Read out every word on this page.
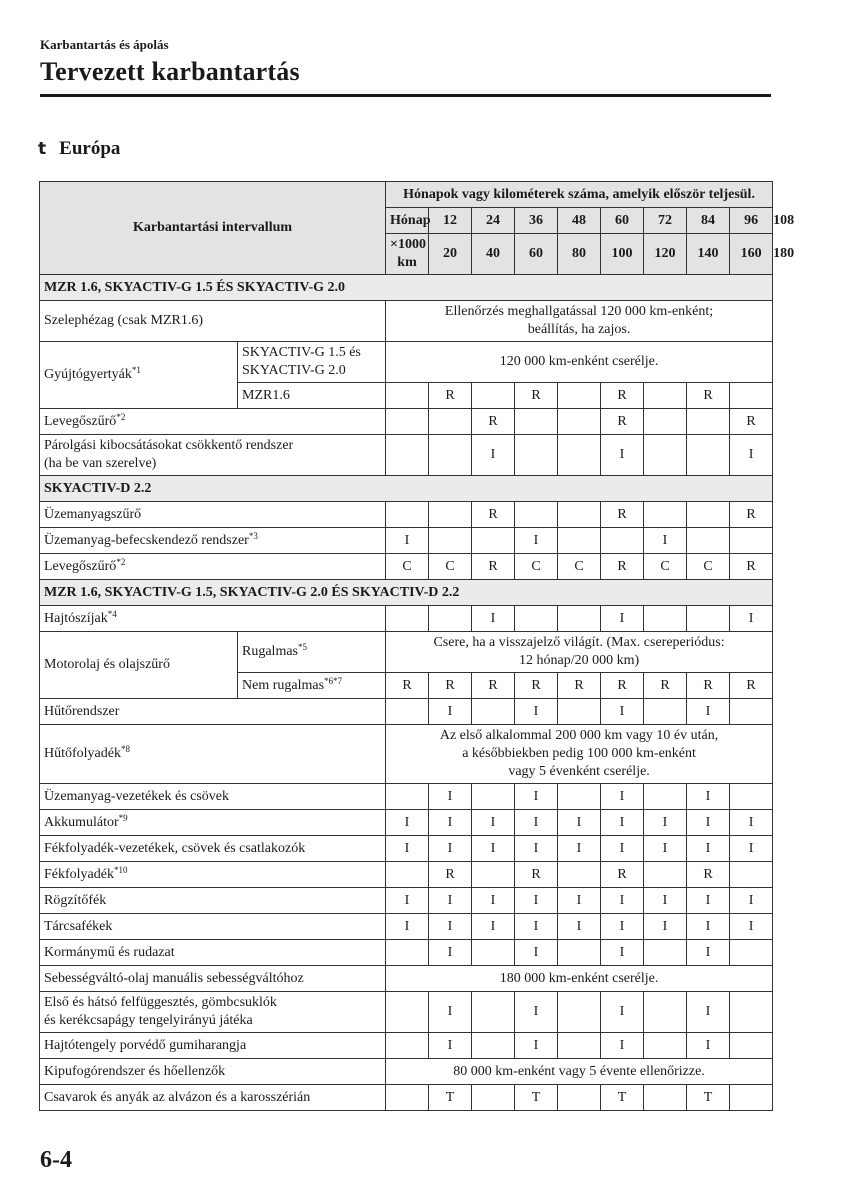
Karbantartás és ápolás
Tervezett karbantartás
t Európa
Karbantartási intervallum		Hónapok vagy kilométerek száma, amelyik először teljesül.									
		Hónap	12	24	36	48	60	72	84	96	108
		×1000 km	20	40	60	80	100	120	140	160	180
MZR 1.6, SKYACTIV-G 1.5 ÉS SKYACTIV-G 2.0											
Szelephézag (csak MZR1.6)		Ellenőrzés meghallgatással 120 000 km-enként;
beállítás, ha zajos.									
Gyújtógyertyák$^{*1}$	SKYACTIV-G 1.5 és
SKYACTIV-G 2.0	120 000 km-enként cserélje.									
	MZR1.6		R		R		R		R		
Levegőszűrő$^{*2}$				R			R			R	
Párolgási kibocsátásokat csökkentő rendszer
(ha be van szerelve)				I			I			I	
SKYACTIV-D 2.2											
Üzemanyagszűrő				R			R			R	
Üzemanyag-befecskendező rendszer$^{*3}$		I			I			I			
Levegőszűrő$^{*2}$		C	C	R	C	C	R	C	C	R	
MZR 1.6, SKYACTIV-G 1.5, SKYACTIV-G 2.0 ÉS SKYACTIV-D 2.2											
Hajtószíjak$^{*4}$				I			I			I	
Motorolaj és olajszűrő	Rugalmas$^{*5}$	Csere, ha a visszajelző világít. (Max. csereperiódus:
12 hónap/20 000 km)									
	Nem rugalmas$^{*6*7}$	R	R	R	R	R	R	R	R	R	
Hűtőrendszer			I		I		I		I		
Hűtőfolyadék$^{*8}$		Az első alkalommal 200 000 km vagy 10 év után,
a későbbiekben pedig 100 000 km-enként
vagy 5 évenként cserélje.									
Üzemanyag-vezetékek és csövek			I		I		I		I		
Akkumulátor$^{*9}$		I	I	I	I	I	I	I	I	I	
Fékfolyadék-vezetékek, csövek és csatlakozók		I	I	I	I	I	I	I	I	I	
Fékfolyadék$^{*10}$			R		R		R		R		
Rögzítőfék		I	I	I	I	I	I	I	I	I	
Tárcsafékek		I	I	I	I	I	I	I	I	I	
Kormánymű és rudazat			I		I		I		I		
Sebességváltó-olaj manuális sebességváltóhoz		180 000 km-enként cserélje.									
Első és hátsó felfüggesztés, gömbcsuklók
és kerékcsapágy tengelyirányú játéka			I		I		I		I		
Hajtótengely porvédő gumiharangja			I		I		I		I		
Kipufogórendszer és hőellenzők		80 000 km-enként vagy 5 évente ellenőrizze.									
Csavarok és anyák az alvázon és a karosszérián			T		T		T		T		
6-4
